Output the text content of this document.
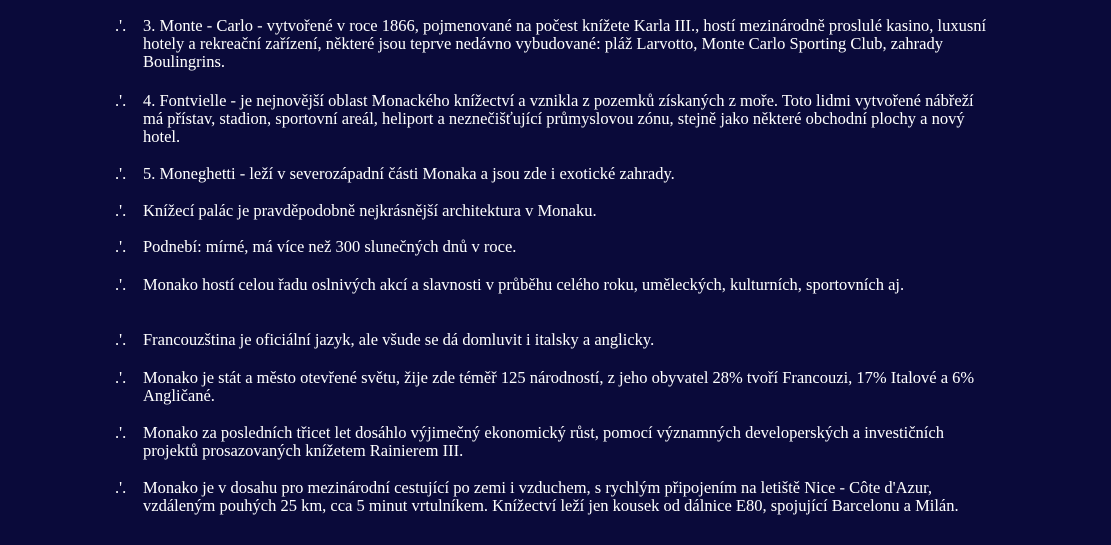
.'.	3. Monte - Carlo - vytvořené v roce 1866, pojmenované na počest knížete Karla III., hostí mezinárodně proslulé kasino, luxusní hotely a rekreační zařízení, některé jsou teprve nedávno vybudované: pláž Larvotto, Monte Carlo Sporting Club, zahrady Boulingrins.
.'.	4. Fontvielle - je nejnovější oblast Monackého knížectví a vznikla z pozemků získaných z moře. Toto lidmi vytvořené nábřeží má přístav, stadion, sportovní areál, heliport a neznečišťující průmyslovou zónu, stejně jako některé obchodní plochy a nový hotel.
.'.	5. Moneghetti - leží v severozápadní části Monaka a jsou zde i exotické zahrady.
.'.	Knížecí palác je pravděpodobně nejkrásnější architektura v Monaku.
.'.	Podnebí: mírné, má více než 300 slunečných dnů v roce.
.'.	Monako hostí celou řadu oslnivých akcí a slavnosti v průběhu celého roku, uměleckých, kulturních, sportovních aj.
.'.	Francouzština je oficiální jazyk, ale všude se dá domluvit i italsky a anglicky.
.'.	Monako je stát a město otevřené světu, žije zde téměř 125 národností, z jeho obyvatel 28% tvoří Francouzi, 17% Italové a 6% Angličané.
.'.	Monako za posledních třicet let dosáhlo výjimečný ekonomický růst, pomocí významných developerských a investičních projektů prosazovaných knížetem Rainierem III.
.'.	Monako je v dosahu pro mezinárodní cestující po zemi i vzduchem, s rychlým připojením na letiště Nice - Côte d'Azur, vzdáleným pouhých 25 km, cca 5 minut vrtulníkem. Knížectví leží jen kousek od dálnice E80, spojující Barcelonu a Milán.
